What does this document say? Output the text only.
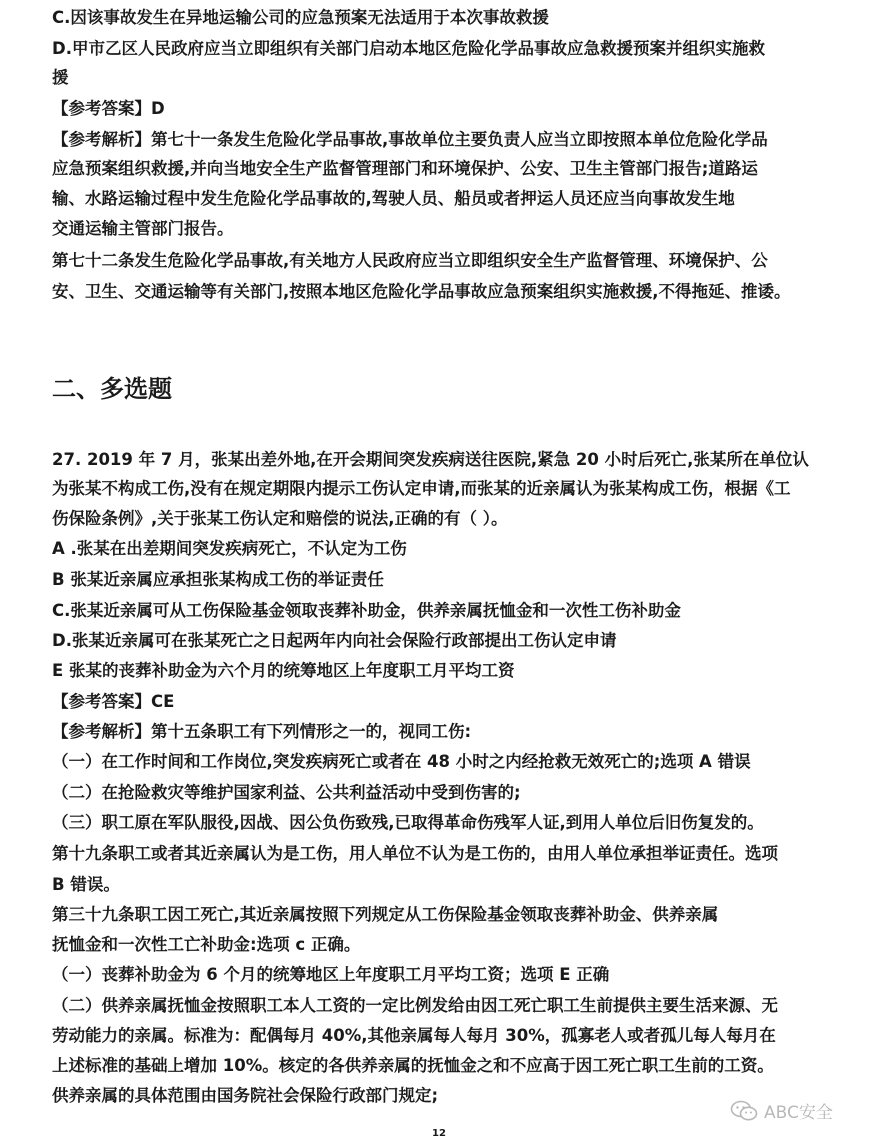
C.因该事故发生在异地运输公司的应急预案无法适用于本次事故救援
D.甲市乙区人民政府应当立即组织有关部门启动本地区危险化学品事故应急救援预案并组织实施救
援
【参考答案】D
【参考解析】第七十一条发生危险化学品事故,事故单位主要负责人应当立即按照本单位危险化学品
应急预案组织救援,并向当地安全生产监督管理部门和环境保护、公安、卫生主管部门报告;道路运
输、水路运输过程中发生危险化学品事故的,驾驶人员、船员或者押运人员还应当向事故发生地
交通运输主管部门报告。
第七十二条发生危险化学品事故,有关地方人民政府应当立即组织安全生产监督管理、环境保护、公
安、卫生、交通运输等有关部门,按照本地区危险化学品事故应急预案组织实施救援,不得拖延、推诿。
二、多选题
27. 2019 年 7 月，张某出差外地,在开会期间突发疾病送往医院,紧急 20 小时后死亡,张某所在单位认
为张某不构成工伤,没有在规定期限内提示工伤认定申请,而张某的近亲属认为张某构成工伤，根据《工
伤保险条例》,关于张某工伤认定和赔偿的说法,正确的有（ ）。
A .张某在出差期间突发疾病死亡，不认定为工伤
B 张某近亲属应承担张某构成工伤的举证责任
C.张某近亲属可从工伤保险基金领取丧葬补助金，供养亲属抚恤金和一次性工伤补助金
D.张某近亲属可在张某死亡之日起两年内向社会保险行政部提出工伤认定申请
E 张某的丧葬补助金为六个月的统筹地区上年度职工月平均工资
【参考答案】CE
【参考解析】第十五条职工有下列情形之一的，视同工伤:
（一）在工作时间和工作岗位,突发疾病死亡或者在 48 小时之内经抢救无效死亡的;选项 A 错误
（二）在抢险救灾等维护国家利益、公共利益活动中受到伤害的;
（三）职工原在军队服役,因战、因公负伤致残,已取得革命伤残军人证,到用人单位后旧伤复发的。
第十九条职工或者其近亲属认为是工伤，用人单位不认为是工伤的，由用人单位承担举证责任。选项
B 错误。
第三十九条职工因工死亡,其近亲属按照下列规定从工伤保险基金领取丧葬补助金、供养亲属
抚恤金和一次性工亡补助金:选项 c 正确。
（一）丧葬补助金为 6 个月的统筹地区上年度职工月平均工资；选项 E 正确
（二）供养亲属抚恤金按照职工本人工资的一定比例发给由因工死亡职工生前提供主要生活来源、无
劳动能力的亲属。标准为：配偶每月 40%,其他亲属每人每月 30%，孤寡老人或者孤儿每人每月在
上述标准的基础上增加 10%。核定的各供养亲属的抚恤金之和不应高于因工死亡职工生前的工资。
供养亲属的具体范围由国务院社会保险行政部门规定;
ABC安全
12
